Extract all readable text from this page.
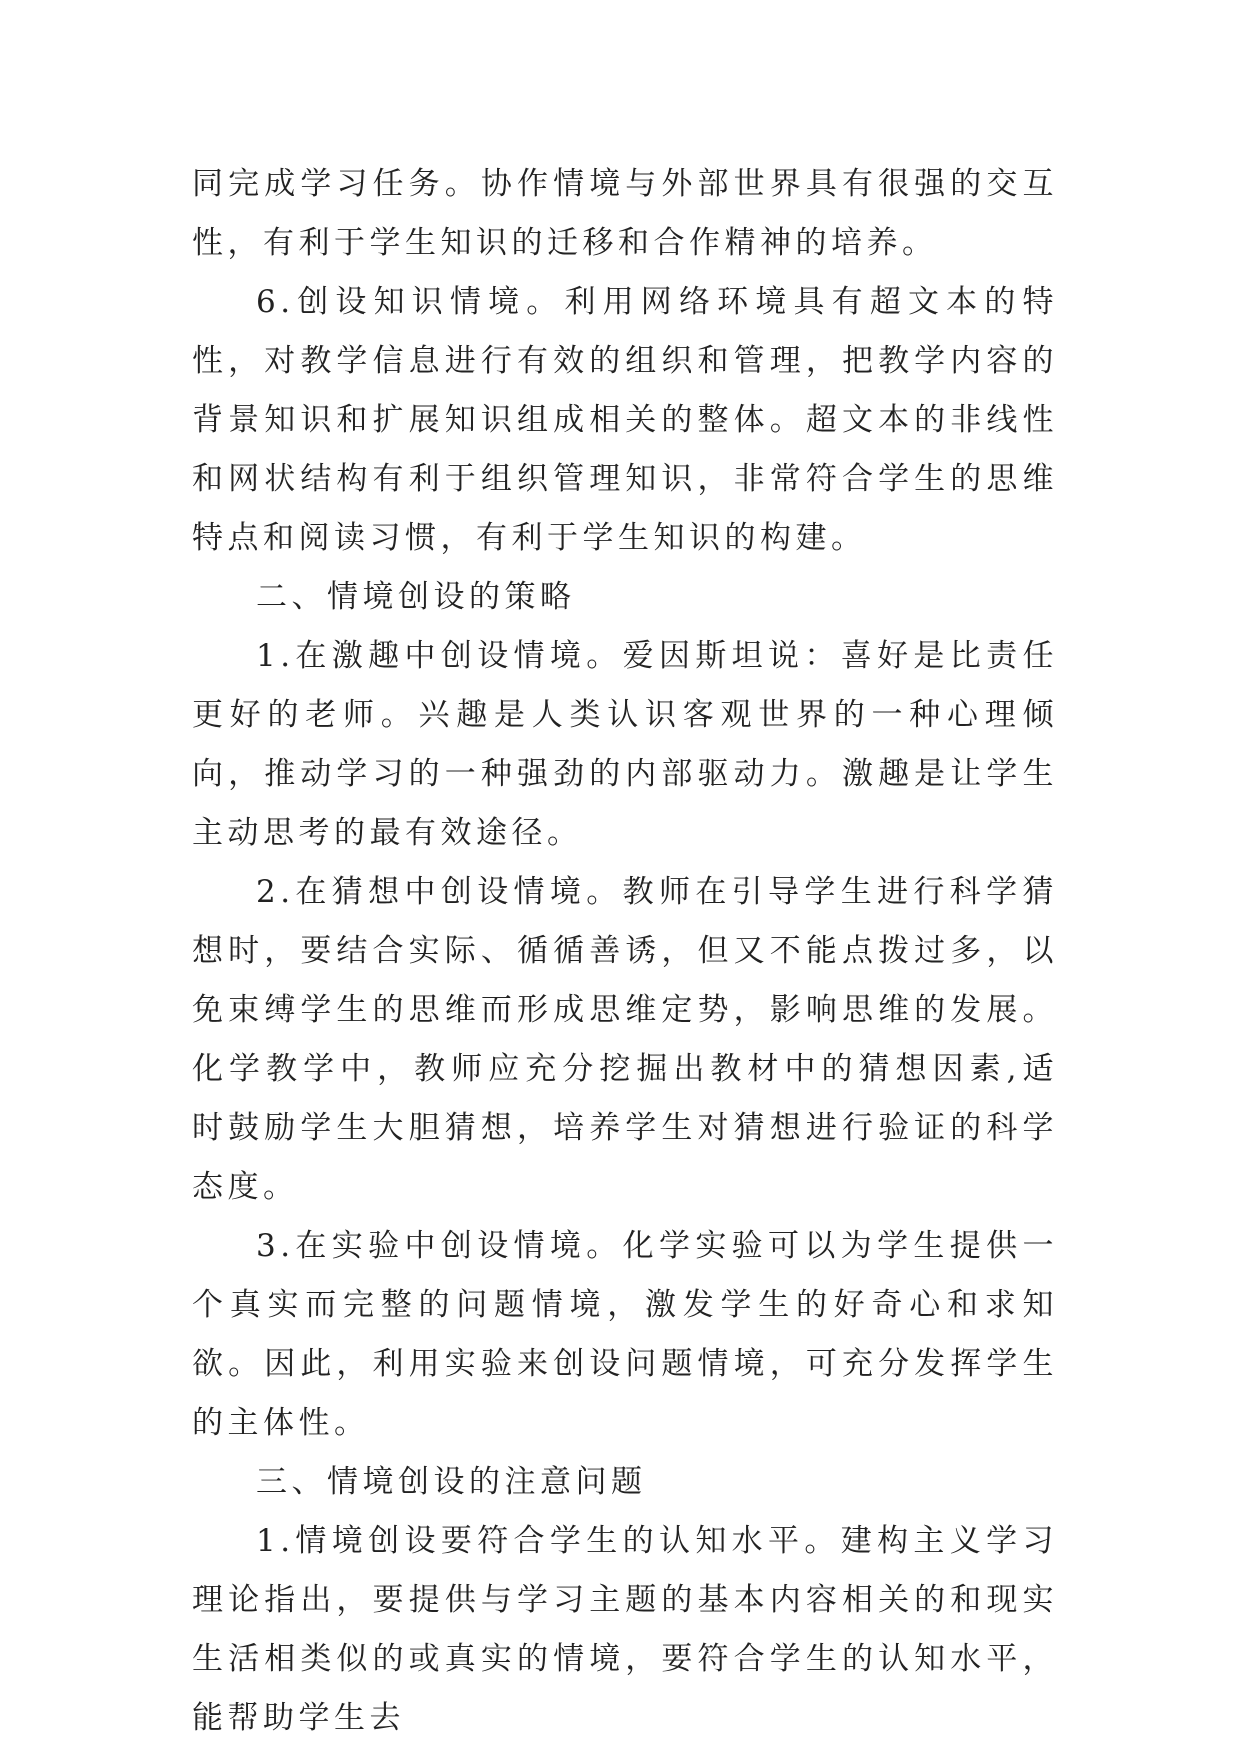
同完成学习任务。协作情境与外部世界具有很强的交互性，有利于学生知识的迁移和合作精神的培养。

6.创设知识情境。利用网络环境具有超文本的特性，对教学信息进行有效的组织和管理，把教学内容的背景知识和扩展知识组成相关的整体。超文本的非线性和网状结构有利于组织管理知识，非常符合学生的思维特点和阅读习惯，有利于学生知识的构建。

二、情境创设的策略

1.在激趣中创设情境。爱因斯坦说：喜好是比责任更好的老师。兴趣是人类认识客观世界的一种心理倾向，推动学习的一种强劲的内部驱动力。激趣是让学生主动思考的最有效途径。

2.在猜想中创设情境。教师在引导学生进行科学猜想时，要结合实际、循循善诱，但又不能点拨过多，以免束缚学生的思维而形成思维定势，影响思维的发展。化学教学中，教师应充分挖掘出教材中的猜想因素,适时鼓励学生大胆猜想，培养学生对猜想进行验证的科学态度。

3.在实验中创设情境。化学实验可以为学生提供一个真实而完整的问题情境，激发学生的好奇心和求知欲。因此，利用实验来创设问题情境，可充分发挥学生的主体性。

三、情境创设的注意问题

1.情境创设要符合学生的认知水平。建构主义学习理论指出，要提供与学习主题的基本内容相关的和现实生活相类似的或真实的情境，要符合学生的认知水平，能帮助学生去
